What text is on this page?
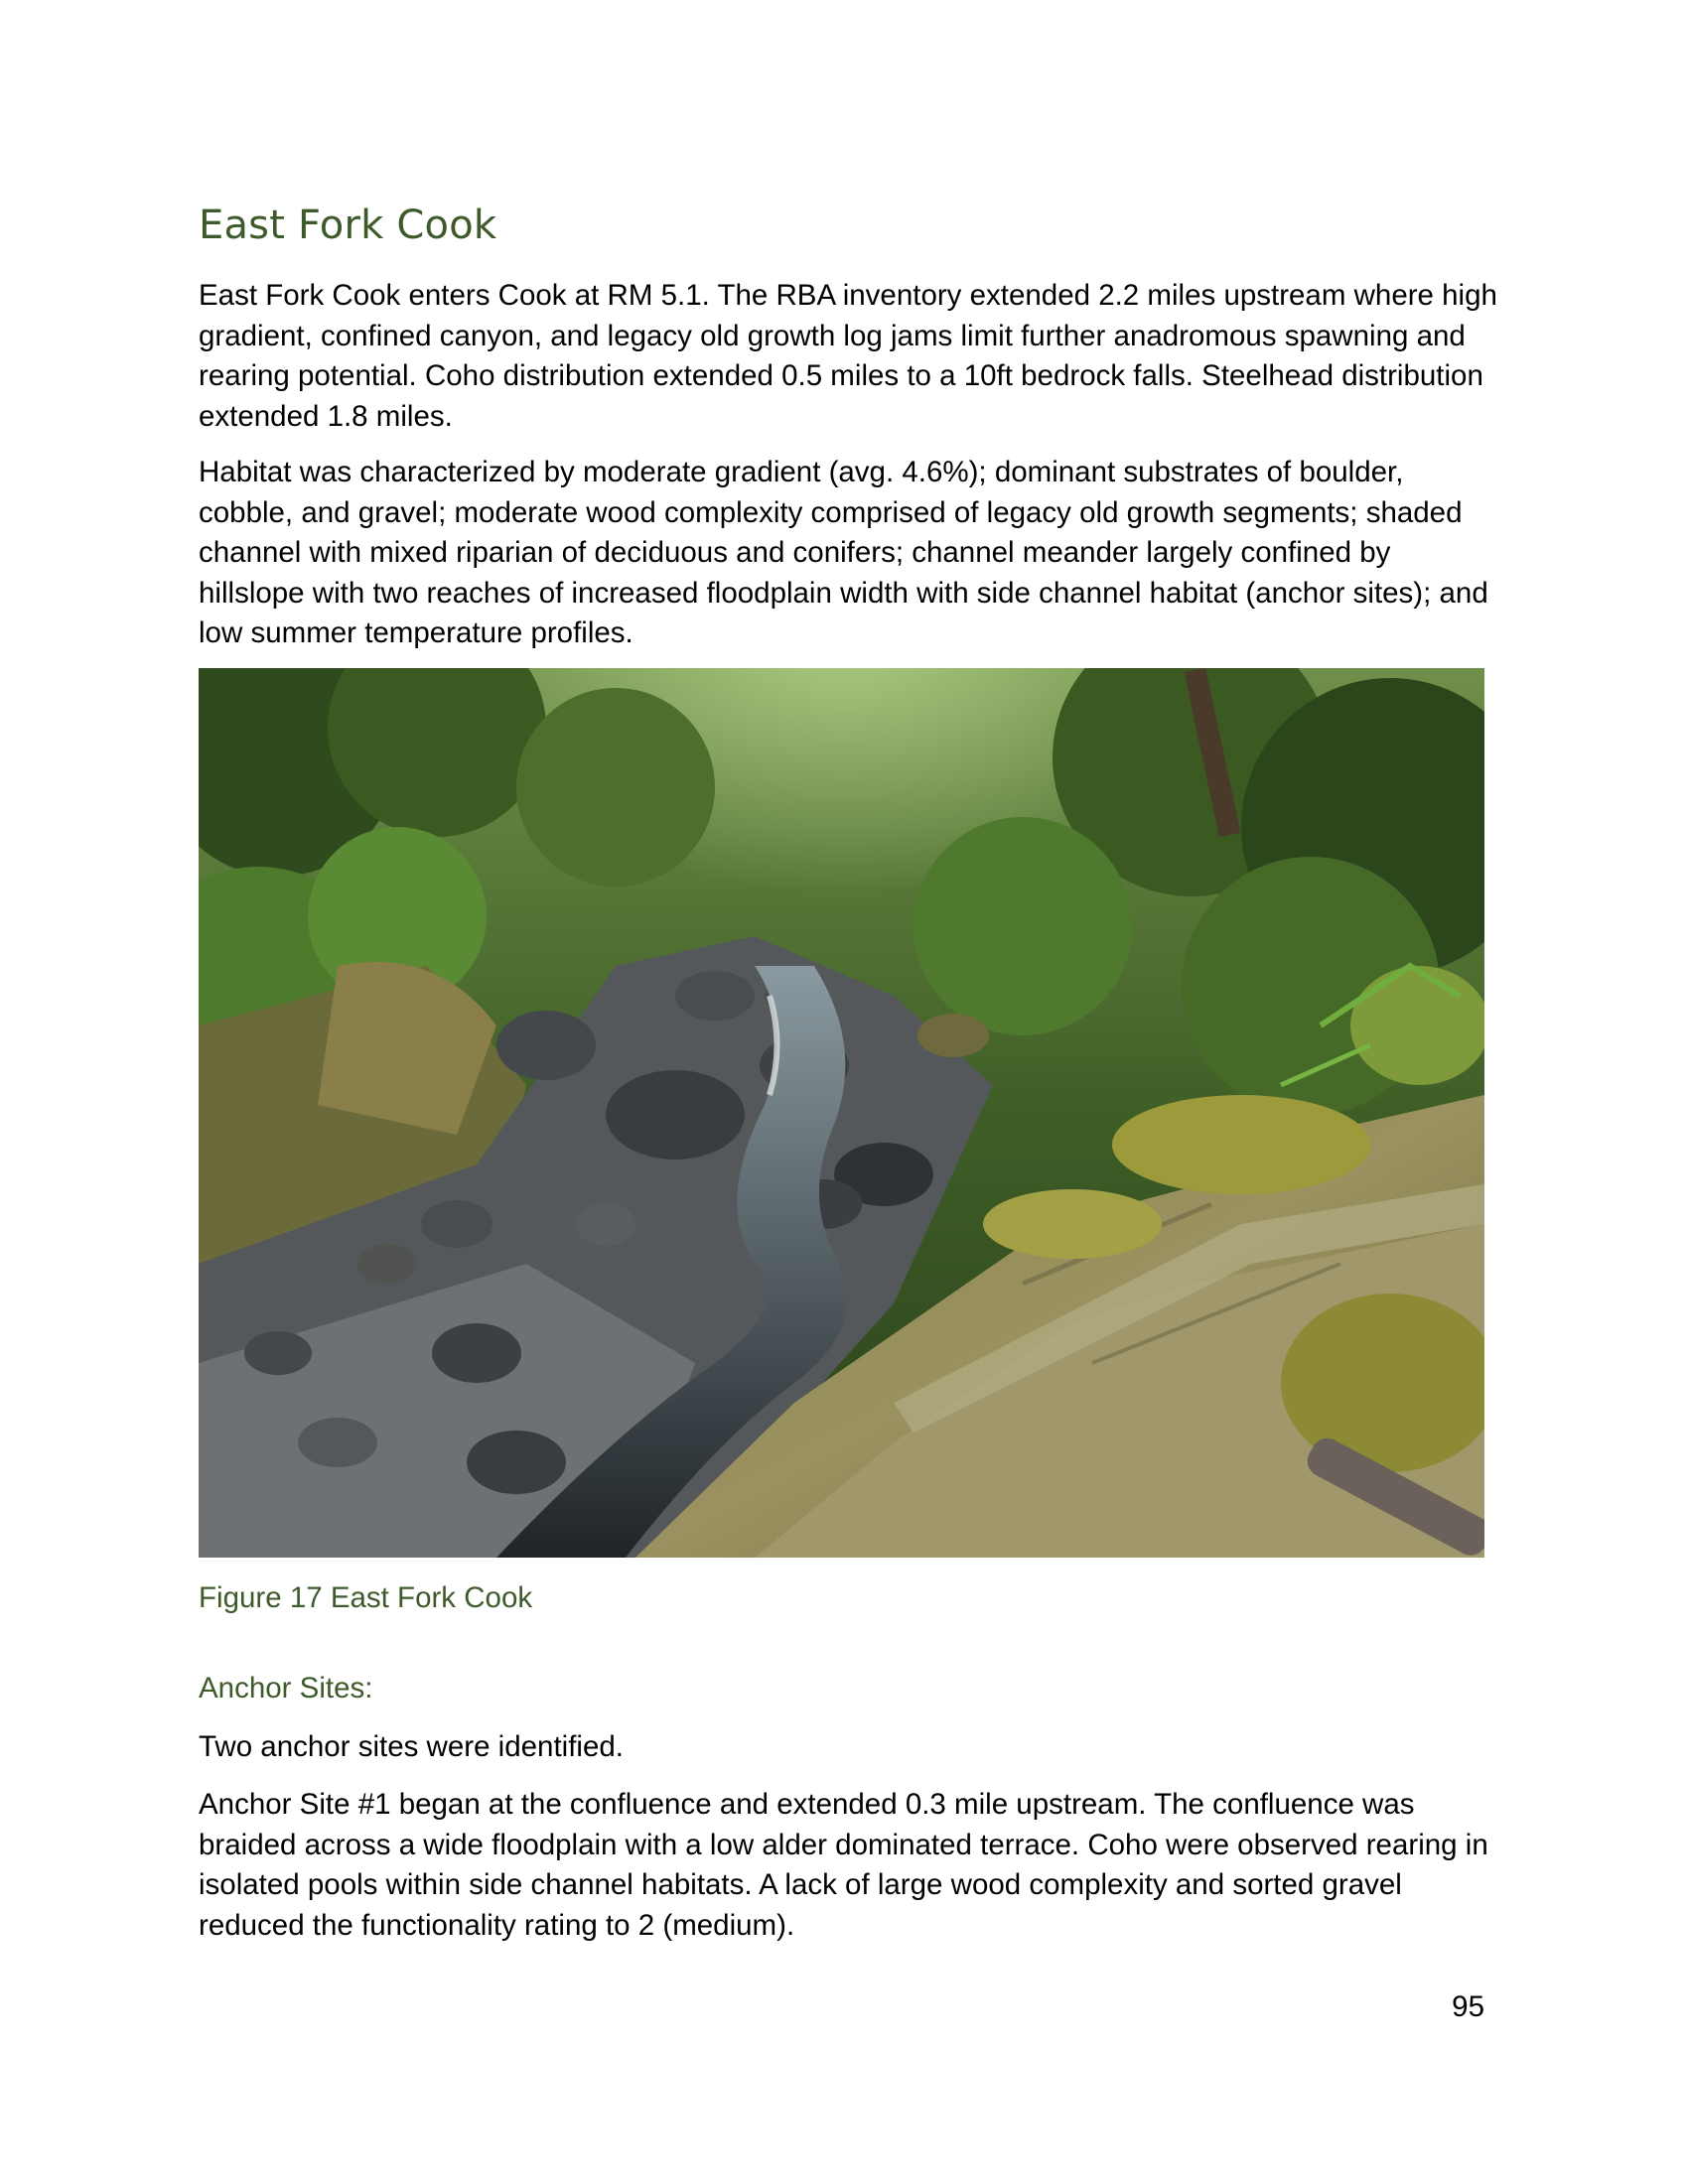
East Fork Cook

East Fork Cook enters Cook at RM 5.1. The RBA inventory extended 2.2 miles upstream where high gradient, confined canyon, and legacy old growth log jams limit further anadromous spawning and rearing potential. Coho distribution extended 0.5 miles to a 10ft bedrock falls. Steelhead distribution extended 1.8 miles.

Habitat was characterized by moderate gradient (avg. 4.6%); dominant substrates of boulder, cobble, and gravel; moderate wood complexity comprised of legacy old growth segments; shaded channel with mixed riparian of deciduous and conifers; channel meander largely confined by hillslope with two reaches of increased floodplain width with side channel habitat (anchor sites); and low summer temperature profiles.

Figure 17 East Fork Cook

Anchor Sites:

Two anchor sites were identified.

Anchor Site #1 began at the confluence and extended 0.3 mile upstream. The confluence was braided across a wide floodplain with a low alder dominated terrace. Coho were observed rearing in isolated pools within side channel habitats. A lack of large wood complexity and sorted gravel reduced the functionality rating to 2 (medium).

95
